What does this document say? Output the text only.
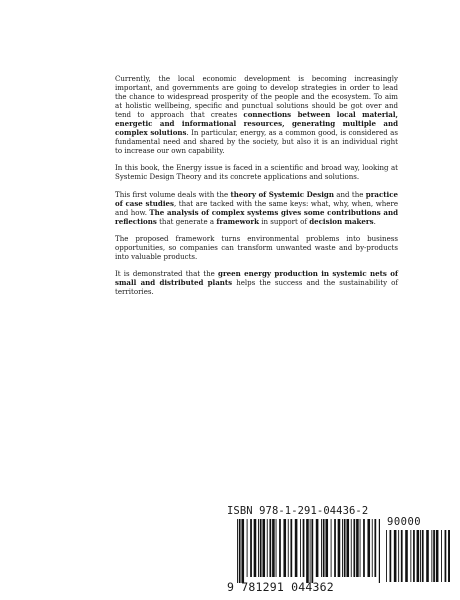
Currently, the local economic development is becoming increasingly important, and governments are going to develop strategies in order to lead the chance to widespread prosperity of the people and the ecosystem. To aim at holistic wellbeing, specific and punctual solutions should be got over and tend to approach that creates connections between local material, energetic and informational resources, generating multiple and complex solutions. In particular, energy, as a common good, is considered as fundamental need and shared by the society, but also it is an individual right to increase our own capability.

In this book, the Energy issue is faced in a scientific and broad way, looking at Systemic Design Theory and its concrete applications and solutions.

This first volume deals with the theory of Systemic Design and the practice of case studies, that are tacked with the same keys: what, why, when, where and how. The analysis of complex systems gives some contributions and reflections that generate a framework in support of decision makers.

The proposed framework turns environmental problems into business opportunities, so companies can transform unwanted waste and by-products into valuable products.

It is demonstrated that the green energy production in systemic nets of small and distributed plants helps the success and the sustainability of territories.

ISBN 978-1-291-04436-2
90000
9 781291 044362
